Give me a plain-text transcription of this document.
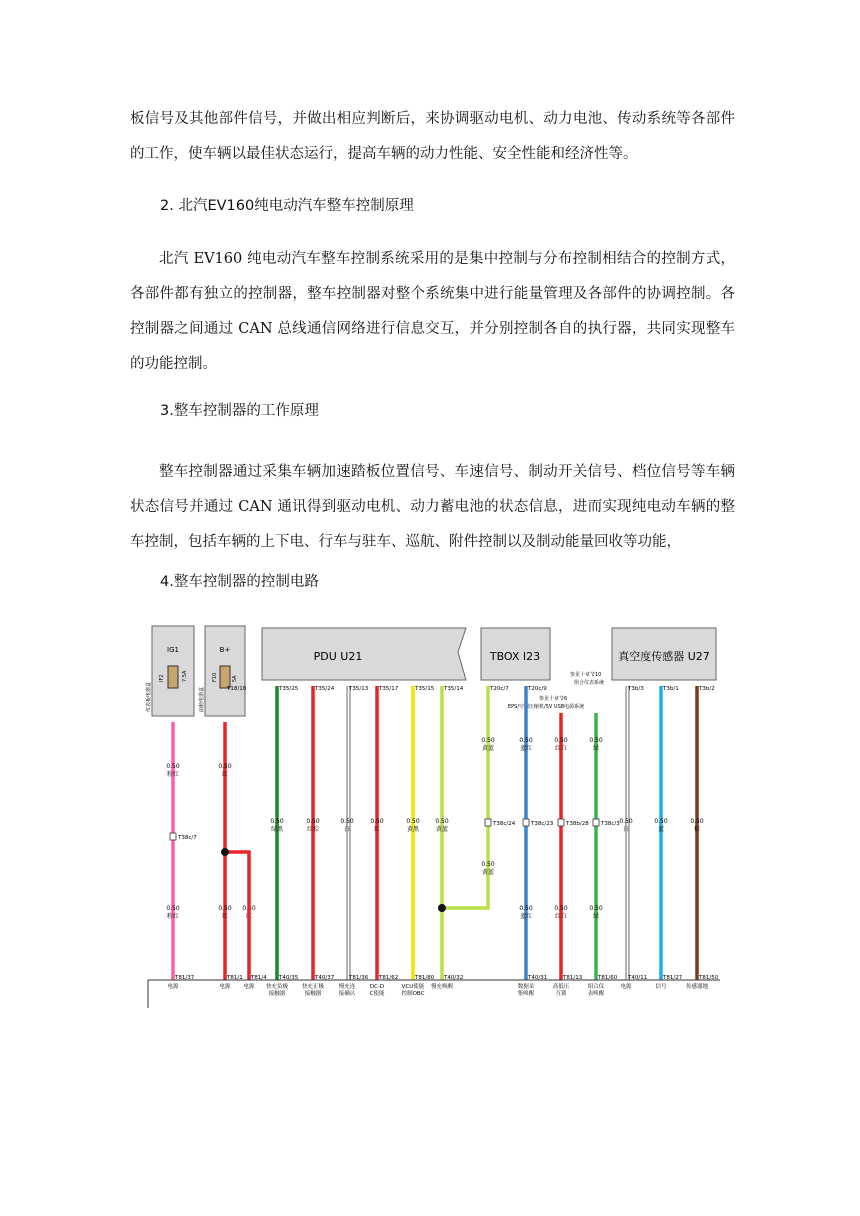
板信号及其他部件信号，并做出相应判断后，来协调驱动电机、动力电池、传动系统等各部件的工作，使车辆以最佳状态运行，提高车辆的动力性能、安全性能和经济性等。

2. 北汽EV160纯电动汽车整车控制原理

北汽 EV160 纯电动汽车整车控制系统采用的是集中控制与分布控制相结合的控制方式，各部件都有独立的控制器，整车控制器对整个系统集中进行能量管理及各部件的协调控制。各控制器之间通过 CAN 总线通信网络进行信息交互，并分别控制各自的执行器，共同实现整车的功能控制。

3.整车控制器的工作原理

整车控制器通过采集车辆加速踏板位置信号、车速信号、制动开关信号、档位信号等车辆状态信号并通过 CAN 通讯得到驱动电机、动力蓄电池的状态信息，进而实现纯电动车辆的整车控制，包括车辆的上下电、行车与驻车、巡航、附件控制以及制动能量回收等功能，

4.整车控制器的控制电路

PDU U21	TBOX I23	真空度传感器 U27
IG1	B+
IF2	7.5A	F10	5A
仪表板电器盒	前舱电器盒
参见十章节10
组合仪表系统
参见十章节6
EPS/空调压缩机/5V USB电源系统
0.50
粉红
0.50
粉红
T81/37
电源
T18/18
0.50
红
0.50
红
T81/1
电源
0.50
红
T81/4
电源
T35/25
0.50
绿黑
T40/35
快充负极
接触器
T35/24
0.50
红棕
T40/37
快充正极
接触器
T35/13
0.50
白
T81/36
慢充连
接确认
T35/17
0.50
红
T81/62
DC-D
C使能
T35/15
0.50
黄黑
T81/80
VCU使能
控制OBC
T35/14
0.50
黄蓝
T40/32
慢充唤醒
T20c/7
0.50
黄蓝
0.50
黄蓝
T38c/24
T20c/9
0.50
蓝红
0.50
蓝红
T38c/23
T40/31
数据采
集唤醒
0.50
红白
0.50
红白
T38b/28
T81/13
高低压
互锁
0.50
绿
0.50
绿
T38c/3
T81/60
组合仪
表唤醒
T3b/3
0.50
白
T40/11
电源
T3b/1
0.50
蓝
T81/27
信号
T3b/2
0.50
棕
T81/50
传感器地
T38c/7
